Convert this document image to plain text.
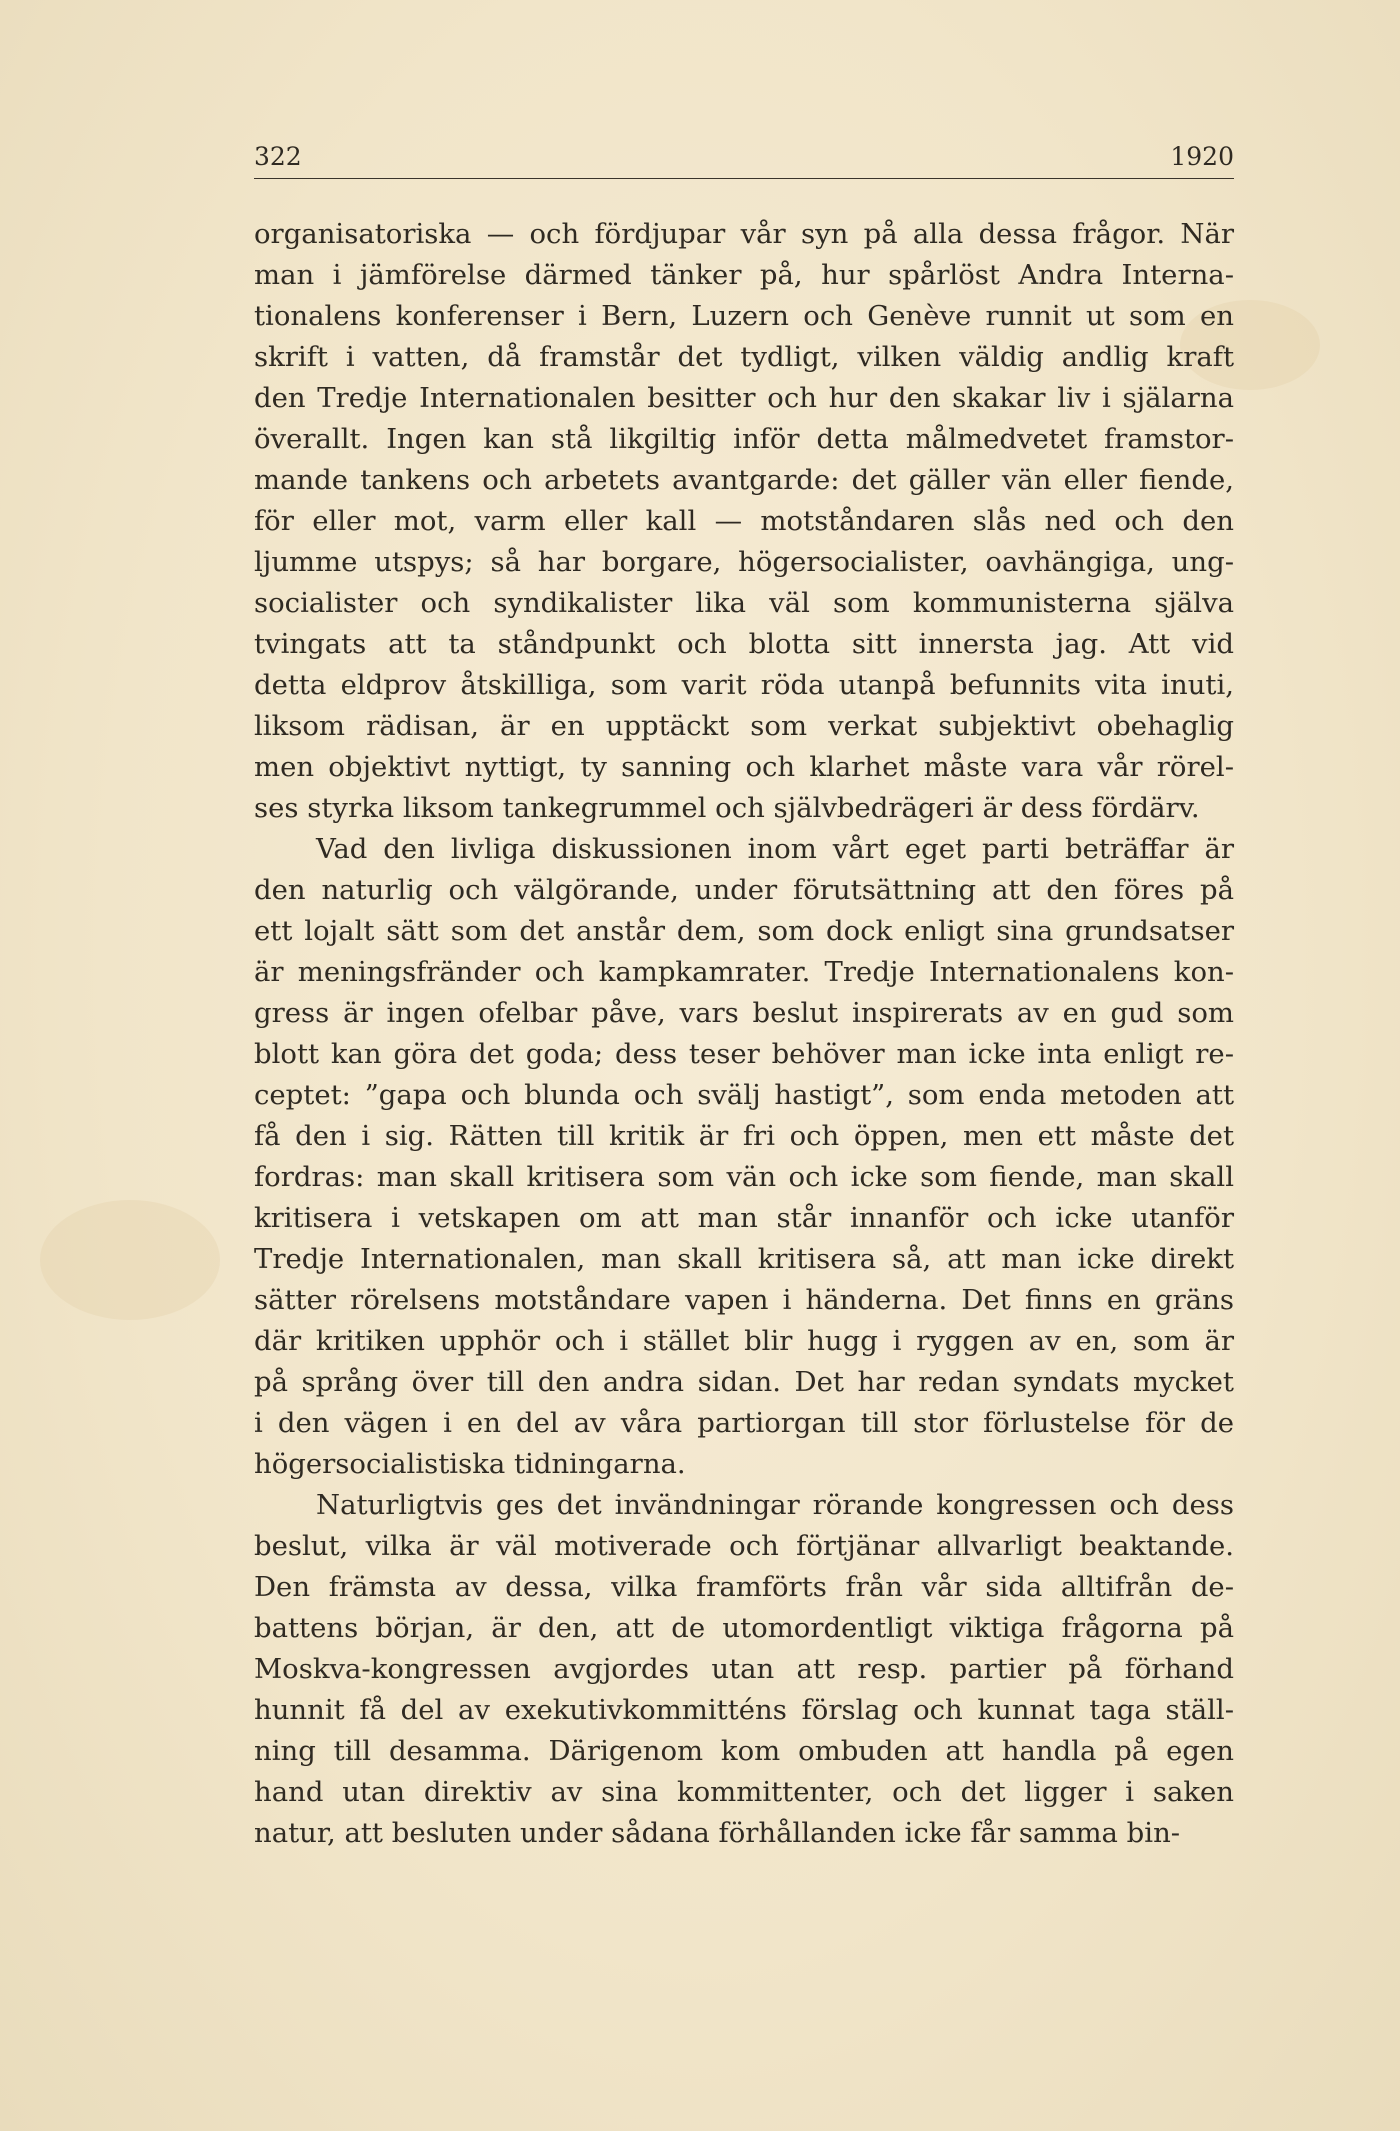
322	1920

organisatoriska — och fördjupar vår syn på alla dessa frågor. När
man i jämförelse därmed tänker på, hur spårlöst Andra Interna-
tionalens konferenser i Bern, Luzern och Genève runnit ut som en
skrift i vatten, då framstår det tydligt, vilken väldig andlig kraft
den Tredje Internationalen besitter och hur den skakar liv i själarna
överallt. Ingen kan stå likgiltig inför detta målmedvetet framstor-
mande tankens och arbetets avantgarde: det gäller vän eller fiende,
för eller mot, varm eller kall — motståndaren slås ned och den
ljumme utspys; så har borgare, högersocialister, oavhängiga, ung-
socialister och syndikalister lika väl som kommunisterna själva
tvingats att ta ståndpunkt och blotta sitt innersta jag. Att vid
detta eldprov åtskilliga, som varit röda utanpå befunnits vita inuti,
liksom rädisan, är en upptäckt som verkat subjektivt obehaglig
men objektivt nyttigt, ty sanning och klarhet måste vara vår rörel-
ses styrka liksom tankegrummel och självbedrägeri är dess fördärv.

Vad den livliga diskussionen inom vårt eget parti beträffar är
den naturlig och välgörande, under förutsättning att den föres på
ett lojalt sätt som det anstår dem, som dock enligt sina grundsatser
är meningsfränder och kampkamrater. Tredje Internationalens kon-
gress är ingen ofelbar påve, vars beslut inspirerats av en gud som
blott kan göra det goda; dess teser behöver man icke inta enligt re-
ceptet: ”gapa och blunda och svälj hastigt”, som enda metoden att
få den i sig. Rätten till kritik är fri och öppen, men ett måste det
fordras: man skall kritisera som vän och icke som fiende, man skall
kritisera i vetskapen om att man står innanför och icke utanför
Tredje Internationalen, man skall kritisera så, att man icke direkt
sätter rörelsens motståndare vapen i händerna. Det finns en gräns
där kritiken upphör och i stället blir hugg i ryggen av en, som är
på språng över till den andra sidan. Det har redan syndats mycket
i den vägen i en del av våra partiorgan till stor förlustelse för de
högersocialistiska tidningarna.

Naturligtvis ges det invändningar rörande kongressen och dess
beslut, vilka är väl motiverade och förtjänar allvarligt beaktande.
Den främsta av dessa, vilka framförts från vår sida alltifrån de-
battens början, är den, att de utomordentligt viktiga frågorna på
Moskva-kongressen avgjordes utan att resp. partier på förhand
hunnit få del av exekutivkommitténs förslag och kunnat taga ställ-
ning till desamma. Därigenom kom ombuden att handla på egen
hand utan direktiv av sina kommittenter, och det ligger i saken
natur, att besluten under sådana förhållanden icke får samma bin-
